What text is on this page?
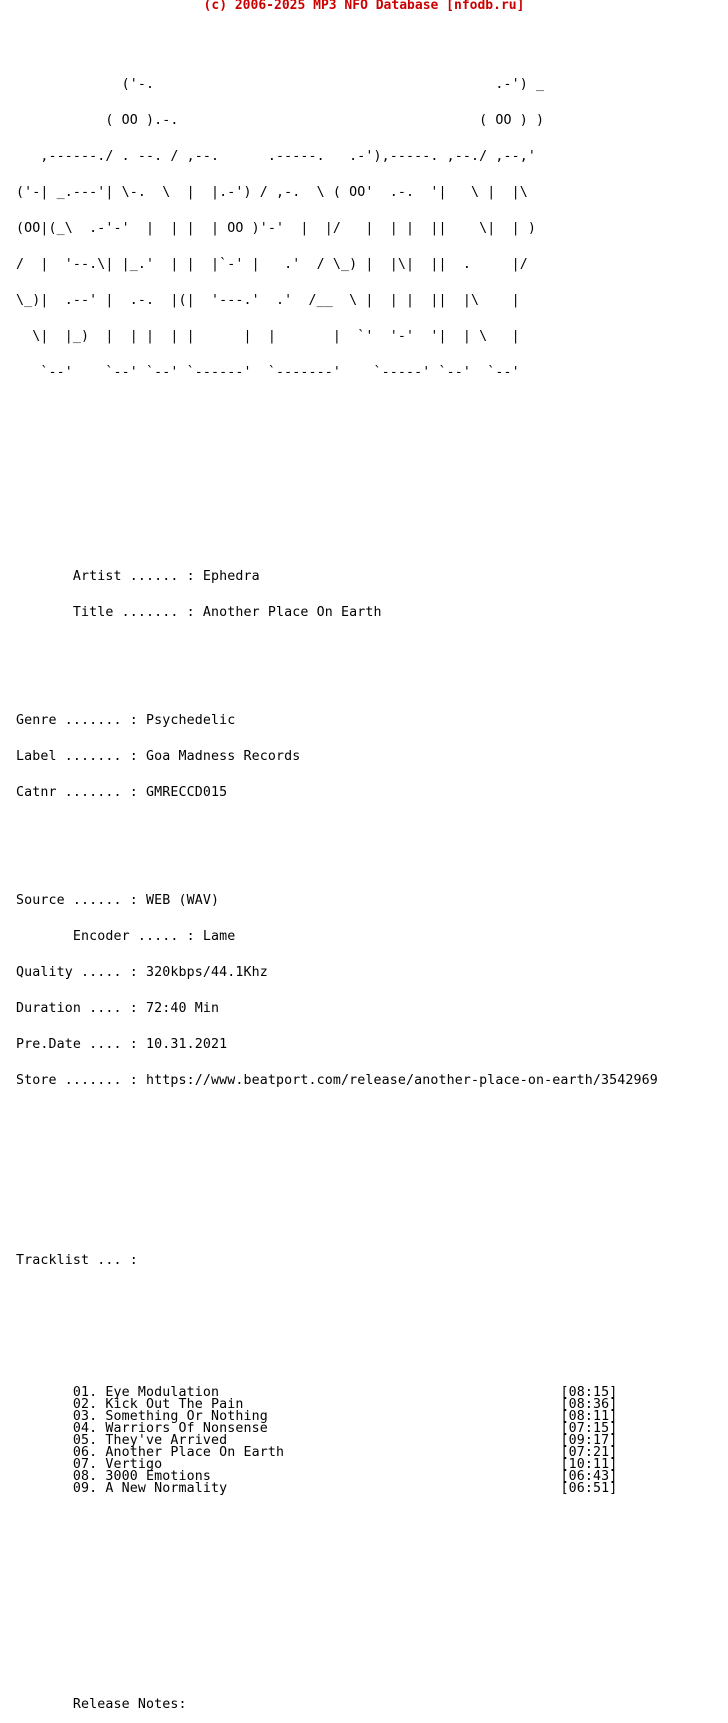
(c) 2006-2025 MP3 NFO Database [nfodb.ru]

('-.                                          .-') _

( OO ).-.                                     ( OO ) )

,------./ . --. / ,--.      .-----.   .-'),-----. ,--./ ,--,'

('-| _.---'| \-.  \  |  |.-') / ,-.  \ ( OO'  .-.  '|   \ |  |\

(OO|(_\  .-'-'  |  | |  | OO )'-'  |  |/   |  | |  ||    \|  | )

/  |  '--.\| |_.'  | |  |`-' |   .'  / \_) |  |\|  ||  .     |/

\_)|  .--' |  .-.  |(|  '---.'  .'  /__  \ |  | |  ||  |\    |

\|  |_)  |  | |  | |      |  |       |  `'  '-'  '|  | \   |

`--'    `--' `--' `------'  `-------'    `-----' `--'  `--'

Artist ...... : Ephedra

Title ....... : Another Place On Earth

Genre ....... : Psychedelic

Label ....... : Goa Madness Records

Catnr ....... : GMRECCD015

Source ...... : WEB (WAV)

Encoder ..... : Lame

Quality ..... : 320kbps/44.1Khz

Duration .... : 72:40 Min

Pre.Date .... : 10.31.2021

Store ....... : https://www.beatport.com/release/another-place-on-earth/3542969

Tracklist ... :

01. Eye Modulation	[08:15]
02. Kick Out The Pain	[08:36]
03. Something Or Nothing	[08:11]
04. Warriors Of Nonsense	[07:15]
05. They've Arrived	[09:17]
06. Another Place On Earth	[07:21]
07. Vertigo	[10:11]
08. 3000 Emotions	[06:43]
09. A New Normality	[06:51]

Release Notes:
